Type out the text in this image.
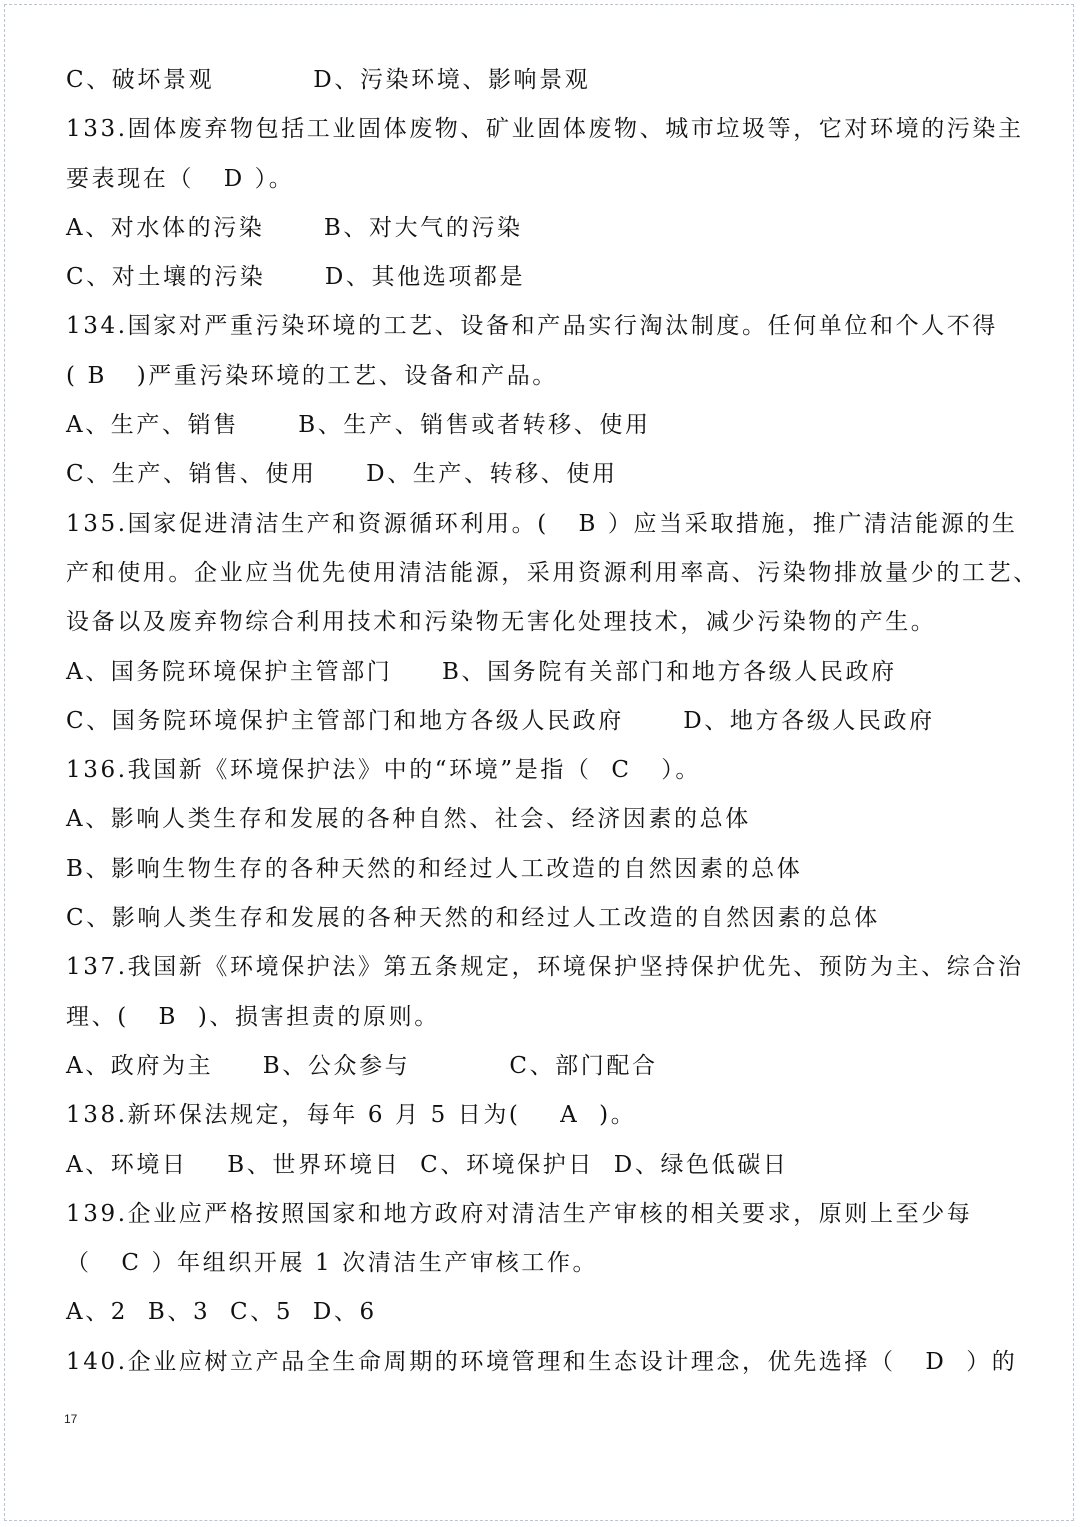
C、破坏景观          D、污染环境、影响景观
133.固体废弃物包括工业固体废物、矿业固体废物、城市垃圾等，它对环境的污染主
要表现在（   D ）。
A、对水体的污染      B、对大气的污染
C、对土壤的污染      D、其他选项都是
134.国家对严重污染环境的工艺、设备和产品实行淘汰制度。任何单位和个人不得
( B   )严重污染环境的工艺、设备和产品。
A、生产、销售      B、生产、销售或者转移、使用
C、生产、销售、使用     D、生产、转移、使用
135.国家促进清洁生产和资源循环利用。(   B ）应当采取措施，推广清洁能源的生
产和使用。企业应当优先使用清洁能源，采用资源利用率高、污染物排放量少的工艺、
设备以及废弃物综合利用技术和污染物无害化处理技术，减少污染物的产生。
A、国务院环境保护主管部门     B、国务院有关部门和地方各级人民政府
C、国务院环境保护主管部门和地方各级人民政府      D、地方各级人民政府
136.我国新《环境保护法》中的“环境”是指（  C   ）。
A、影响人类生存和发展的各种自然、社会、经济因素的总体
B、影响生物生存的各种天然的和经过人工改造的自然因素的总体
C、影响人类生存和发展的各种天然的和经过人工改造的自然因素的总体
137.我国新《环境保护法》第五条规定，环境保护坚持保护优先、预防为主、综合治
理、(   B  )、损害担责的原则。
A、政府为主     B、公众参与          C、部门配合
138.新环保法规定，每年 6 月 5 日为(    A  )。
A、环境日    B、世界环境日  C、环境保护日  D、绿色低碳日
139.企业应严格按照国家和地方政府对清洁生产审核的相关要求，原则上至少每
（   C ）年组织开展 1 次清洁生产审核工作。
A、2  B、3  C、5  D、6
140.企业应树立产品全生命周期的环境管理和生态设计理念，优先选择（   D  ）的
17
